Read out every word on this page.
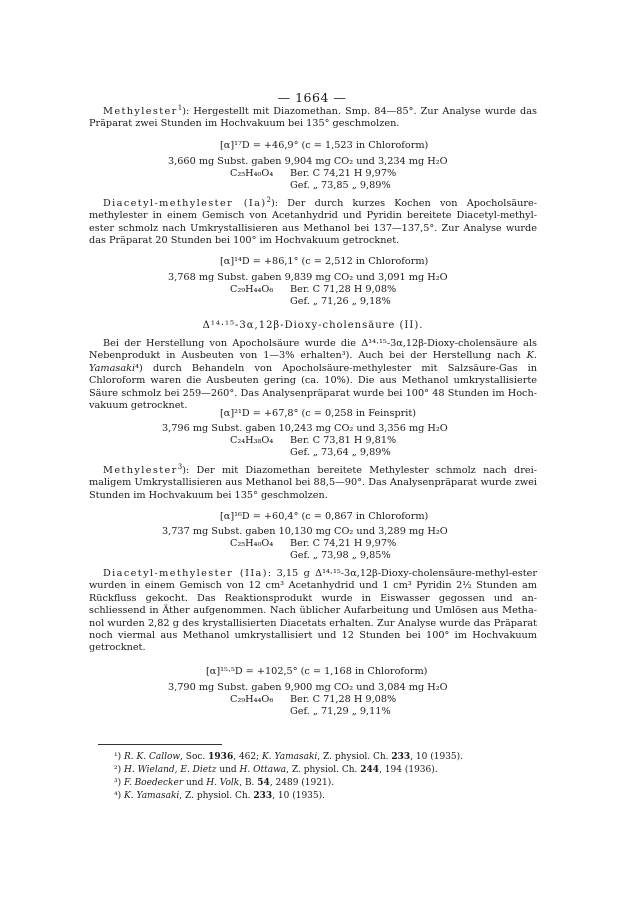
— 1664 —

Methylester$^1$): Hergestellt mit Diazomethan. Smp. 84—85°. Zur Analyse wurde das Präparat zwei Stunden im Hochvakuum bei 135° geschmolzen.

[α]¹⁷D = +46,9° (c = 1,523 in Chloroform)
3,660 mg Subst. gaben 9,904 mg CO₂ und 3,234 mg H₂O
C₂₅H₄₀O₄ Ber. C 74,21 H 9,97%
Gef. „ 73,85 „ 9,89%

Diacetyl-methylester $(Ia)^2$): Der durch kurzes Kochen von Apocholsäure-methylester in einem Gemisch von Acetanhydrid und Pyridin bereitete Diacetyl-methyl-ester schmolz nach Umkrystallisieren aus Methanol bei 137—137,5°. Zur Analyse wurde das Präparat 20 Stunden bei 100° im Hochvakuum getrocknet.

[α]¹⁴D = +86,1° (c = 2,512 in Chloroform)
3,768 mg Subst. gaben 9,839 mg CO₂ und 3,091 mg H₂O
C₂₉H₄₄O₆ Ber. C 71,28 H 9,08%
Gef. „ 71,26 „ 9,18%
Δ¹⁴·¹⁵-3α,12β-Dioxy-cholensäure (II).

Bei der Herstellung von Apocholsäure wurde die Δ¹⁴·¹⁵-3α,12β-Dioxy-cholensäure als Nebenprodukt in Ausbeuten von 1—3% erhalten³). Auch bei der Herstellung nach K. Yamasaki⁴) durch Behandeln von Apocholsäure-methylester mit Salzsäure-Gas in Chloroform waren die Ausbeuten gering (ca. 10%). Die aus Methanol umkrystallisierte Säure schmolz bei 259—260°. Das Analysenpräparat wurde bei 100° 48 Stunden im Hoch-vakuum getrocknet.

[α]²¹D = +67,8° (c = 0,258 in Feinsprit)
3,796 mg Subst. gaben 10,243 mg CO₂ und 3,356 mg H₂O
C₂₄H₃₈O₄ Ber. C 73,81 H 9,81%
Gef. „ 73,64 „ 9,89%

Methylester$^3$): Der mit Diazomethan bereitete Methylester schmolz nach drei-maligem Umkrystallisieren aus Methanol bei 88,5—90°. Das Analysenpräparat wurde zwei Stunden im Hochvakuum bei 135° geschmolzen.

[α]¹⁶D = +60,4° (c = 0,867 in Chloroform)
3,737 mg Subst. gaben 10,130 mg CO₂ und 3,289 mg H₂O
C₂₅H₄₀O₄ Ber. C 74,21 H 9,97%
Gef. „ 73,98 „ 9,85%

Diacetyl-methylester (IIa): 3,15 g Δ¹⁴·¹⁵-3α,12β-Dioxy-cholensäure-methyl-ester wurden in einem Gemisch von 12 cm³ Acetanhydrid und 1 cm³ Pyridin 2½ Stunden am Rückfluss gekocht. Das Reaktionsprodukt wurde in Eiswasser gegossen und an-schliessend in Äther aufgenommen. Nach üblicher Aufarbeitung und Umlösen aus Metha-nol wurden 2,82 g des krystallisierten Diacetats erhalten. Zur Analyse wurde das Präparat noch viermal aus Methanol umkrystallisiert und 12 Stunden bei 100° im Hochvakuum getrocknet.

[α]¹⁵·⁵D = +102,5° (c = 1,168 in Chloroform)
3,790 mg Subst. gaben 9,900 mg CO₂ und 3,084 mg H₂O
C₂₉H₄₄O₆ Ber. C 71,28 H 9,08%
Gef. „ 71,29 „ 9,11%
¹) R. K. Callow, Soc. 1936, 462; K. Yamasaki, Z. physiol. Ch. 233, 10 (1935).
²) H. Wieland, E. Dietz und H. Ottawa, Z. physiol. Ch. 244, 194 (1936).
³) F. Boedecker und H. Volk, B. 54, 2489 (1921).
⁴) K. Yamasaki, Z. physiol. Ch. 233, 10 (1935).
